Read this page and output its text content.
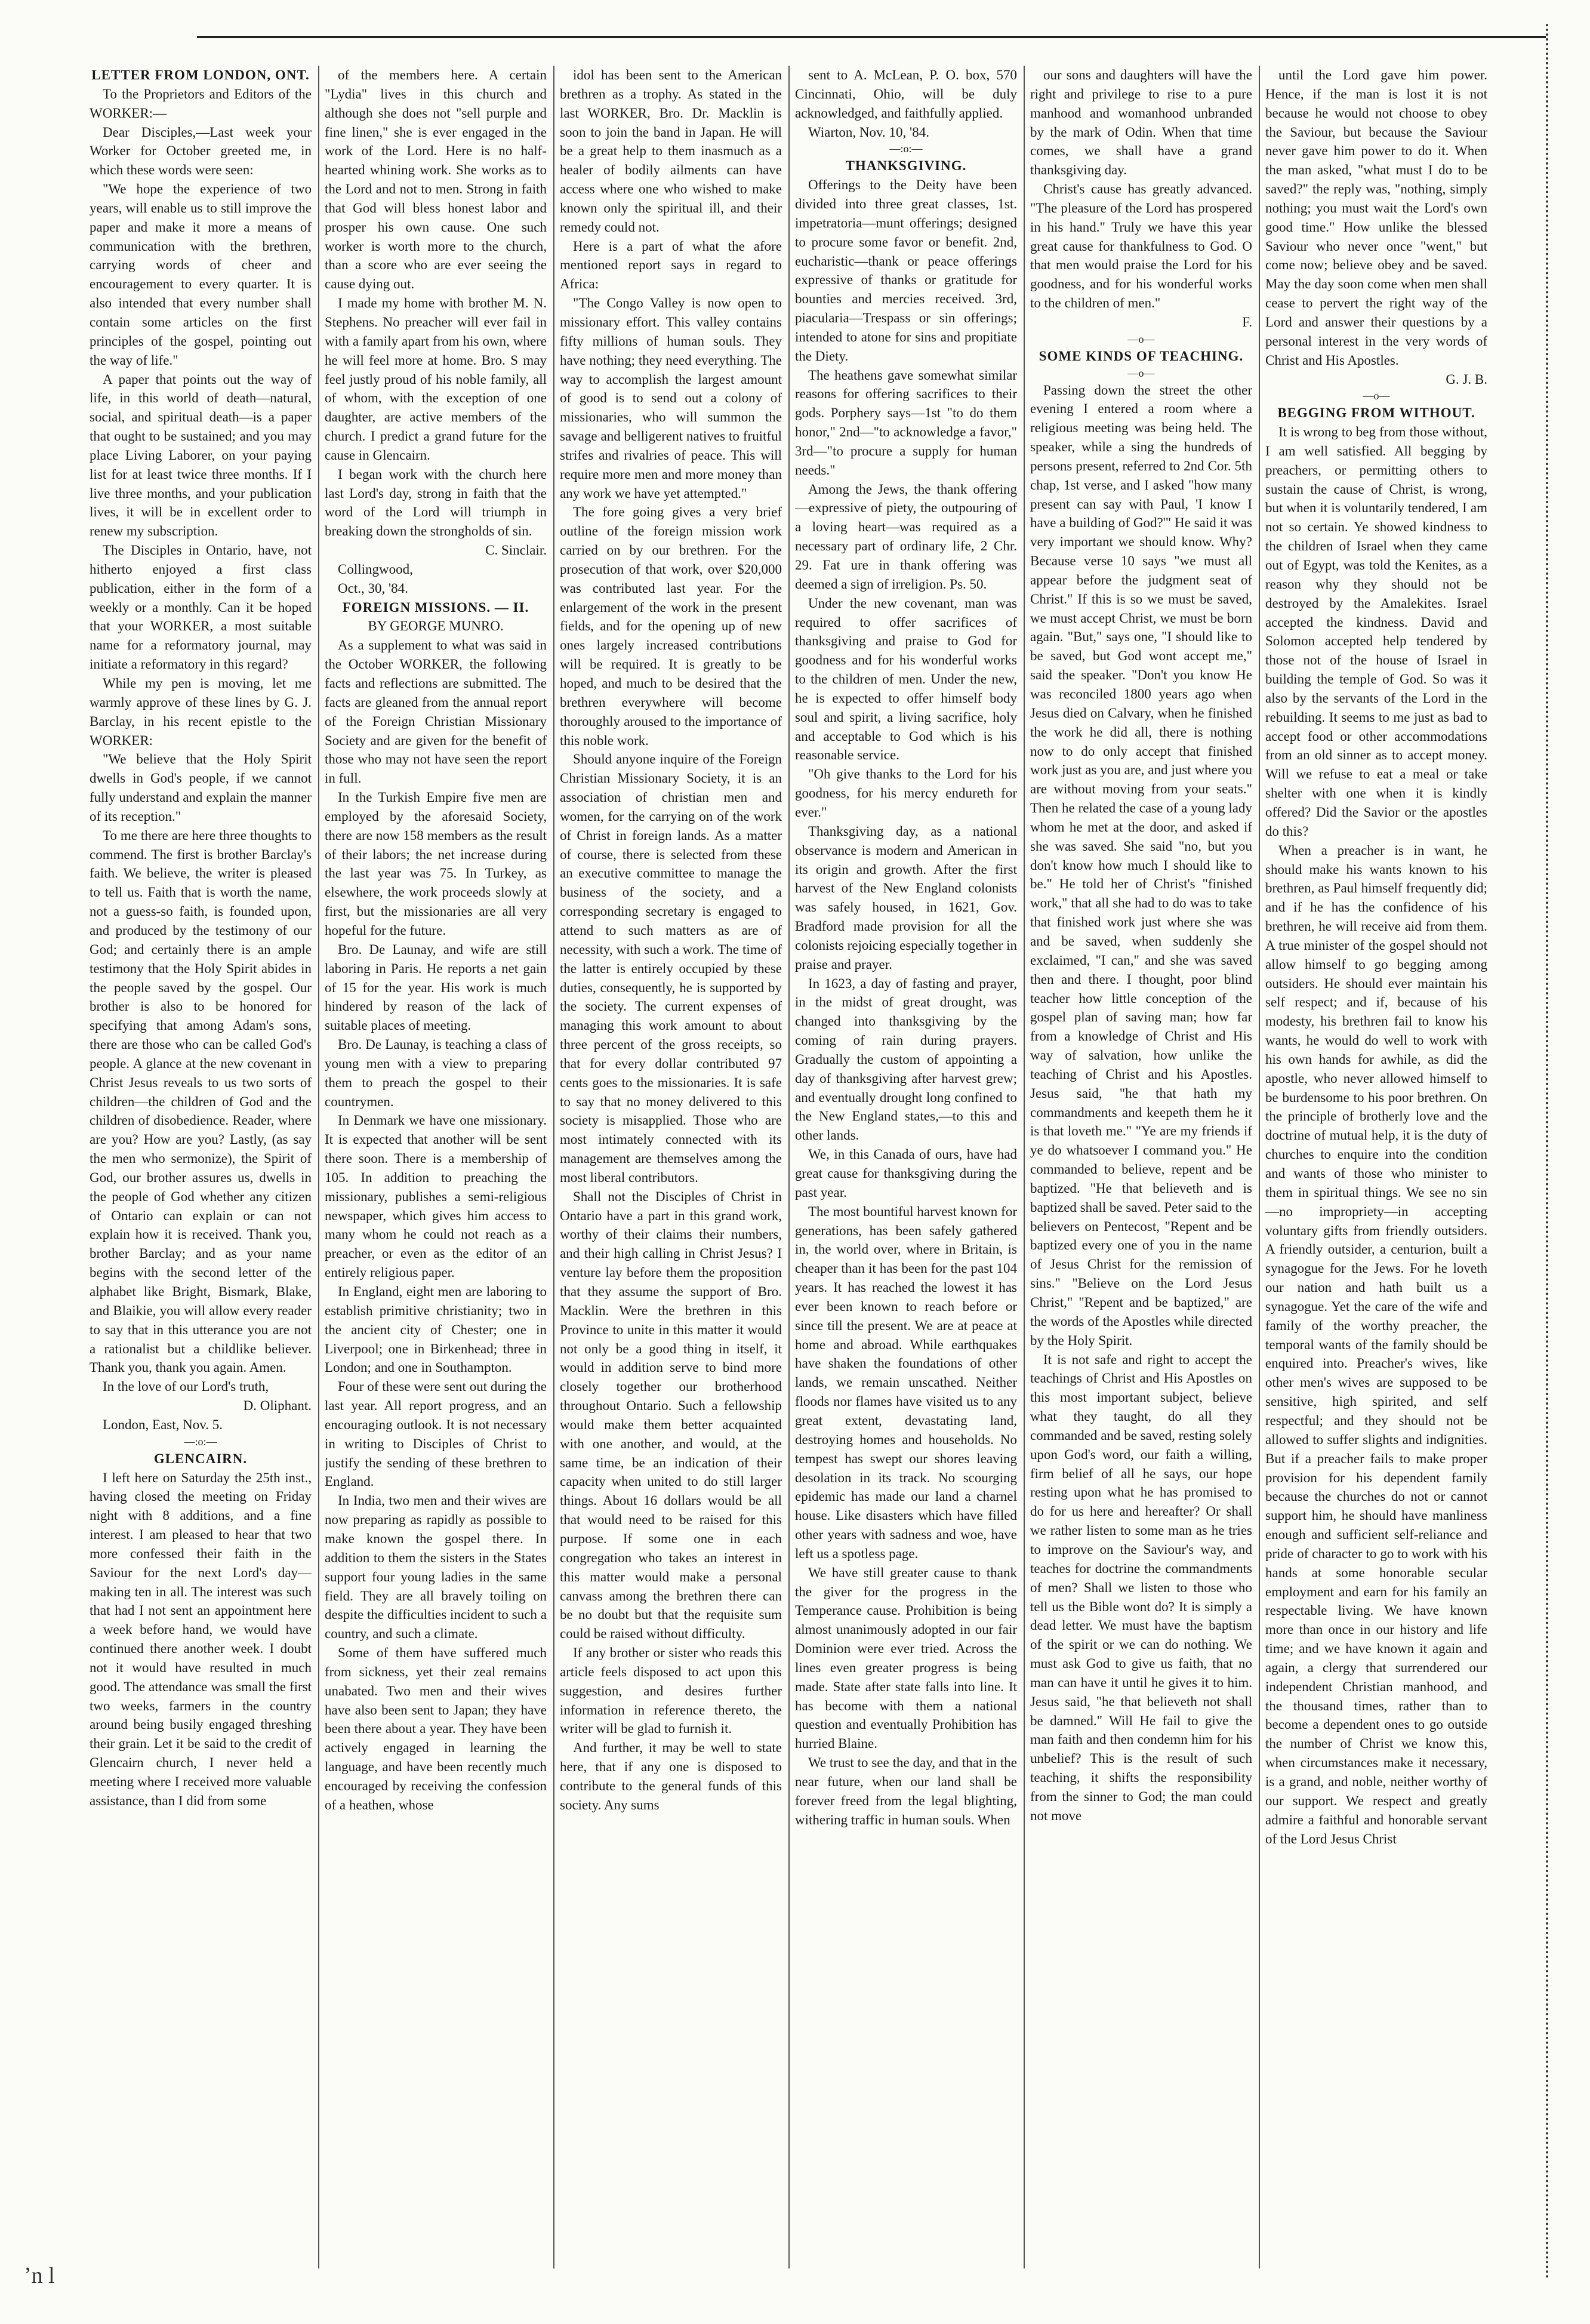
LETTER FROM LONDON, ONT.

To the Proprietors and Editors of the WORKER:—

Dear Disciples,—Last week your Worker for October greeted me, in which these words were seen:

"We hope the experience of two years, will enable us to still improve the paper and make it more a means of communication with the brethren, carrying words of cheer and encouragement to every quarter. It is also intended that every number shall contain some articles on the first principles of the gospel, pointing out the way of life."

A paper that points out the way of life, in this world of death—natural, social, and spiritual death—is a paper that ought to be sustained; and you may place Living Laborer, on your paying list for at least twice three months. If I live three months, and your publication lives, it will be in excellent order to renew my subscription.

The Disciples in Ontario, have, not hitherto enjoyed a first class publication, either in the form of a weekly or a monthly. Can it be hoped that your WORKER, a most suitable name for a reformatory journal, may initiate a reformatory in this regard?

While my pen is moving, let me warmly approve of these lines by G. J. Barclay, in his recent epistle to the WORKER:

"We believe that the Holy Spirit dwells in God's people, if we cannot fully understand and explain the manner of its reception."

To me there are here three thoughts to commend. The first is brother Barclay's faith. We believe, the writer is pleased to tell us. Faith that is worth the name, not a guess-so faith, is founded upon, and produced by the testimony of our God; and certainly there is an ample testimony that the Holy Spirit abides in the people saved by the gospel. Our brother is also to be honored for specifying that among Adam's sons, there are those who can be called God's people. A glance at the new covenant in Christ Jesus reveals to us two sorts of children—the children of God and the children of disobedience. Reader, where are you? How are you? Lastly, (as say the men who sermonize), the Spirit of God, our brother assures us, dwells in the people of God whether any citizen of Ontario can explain or can not explain how it is received. Thank you, brother Barclay; and as your name begins with the second letter of the alphabet like Bright, Bismark, Blake, and Blaikie, you will allow every reader to say that in this utterance you are not a rationalist but a childlike believer. Thank you, thank you again. Amen.

In the love of our Lord's truth,

D. Oliphant.

London, East, Nov. 5.

—:o:—

GLENCAIRN.

I left here on Saturday the 25th inst., having closed the meeting on Friday night with 8 additions, and a fine interest. I am pleased to hear that two more confessed their faith in the Saviour for the next Lord's day—making ten in all. The interest was such that had I not sent an appointment here a week before hand, we would have continued there another week. I doubt not it would have resulted in much good. The attendance was small the first two weeks, farmers in the country around being busily engaged threshing their grain. Let it be said to the credit of Glencairn church, I never held a meeting where I received more valuable assistance, than I did from some

of the members here. A certain "Lydia" lives in this church and although she does not "sell purple and fine linen," she is ever engaged in the work of the Lord. Here is no half-hearted whining work. She works as to the Lord and not to men. Strong in faith that God will bless honest labor and prosper his own cause. One such worker is worth more to the church, than a score who are ever seeing the cause dying out.

I made my home with brother M. N. Stephens. No preacher will ever fail in with a family apart from his own, where he will feel more at home. Bro. S may feel justly proud of his noble family, all of whom, with the exception of one daughter, are active members of the church. I predict a grand future for the cause in Glencairn.

I began work with the church here last Lord's day, strong in faith that the word of the Lord will triumph in breaking down the strongholds of sin.

C. Sinclair.

Collingwood,

Oct., 30, '84.

FOREIGN MISSIONS. — II.

BY GEORGE MUNRO.

As a supplement to what was said in the October WORKER, the following facts and reflections are submitted. The facts are gleaned from the annual report of the Foreign Christian Missionary Society and are given for the benefit of those who may not have seen the report in full.

In the Turkish Empire five men are employed by the aforesaid Society, there are now 158 members as the result of their labors; the net increase during the last year was 75. In Turkey, as elsewhere, the work proceeds slowly at first, but the missionaries are all very hopeful for the future.

Bro. De Launay, and wife are still laboring in Paris. He reports a net gain of 15 for the year. His work is much hindered by reason of the lack of suitable places of meeting.

Bro. De Launay, is teaching a class of young men with a view to preparing them to preach the gospel to their countrymen.

In Denmark we have one missionary. It is expected that another will be sent there soon. There is a membership of 105. In addition to preaching the missionary, publishes a semi-religious newspaper, which gives him access to many whom he could not reach as a preacher, or even as the editor of an entirely religious paper.

In England, eight men are laboring to establish primitive christianity; two in the ancient city of Chester; one in Liverpool; one in Birkenhead; three in London; and one in Southampton.

Four of these were sent out during the last year. All report progress, and an encouraging outlook. It is not necessary in writing to Disciples of Christ to justify the sending of these brethren to England.

In India, two men and their wives are now preparing as rapidly as possible to make known the gospel there. In addition to them the sisters in the States support four young ladies in the same field. They are all bravely toiling on despite the difficulties incident to such a country, and such a climate.

Some of them have suffered much from sickness, yet their zeal remains unabated. Two men and their wives have also been sent to Japan; they have been there about a year. They have been actively engaged in learning the language, and have been recently much encouraged by receiving the confession of a heathen, whose

idol has been sent to the American brethren as a trophy. As stated in the last WORKER, Bro. Dr. Macklin is soon to join the band in Japan. He will be a great help to them inasmuch as a healer of bodily ailments can have access where one who wished to make known only the spiritual ill, and their remedy could not.

Here is a part of what the afore mentioned report says in regard to Africa:

"The Congo Valley is now open to missionary effort. This valley contains fifty millions of human souls. They have nothing; they need everything. The way to accomplish the largest amount of good is to send out a colony of missionaries, who will summon the savage and belligerent natives to fruitful strifes and rivalries of peace. This will require more men and more money than any work we have yet attempted."

The fore going gives a very brief outline of the foreign mission work carried on by our brethren. For the prosecution of that work, over $20,000 was contributed last year. For the enlargement of the work in the present fields, and for the opening up of new ones largely increased contributions will be required. It is greatly to be hoped, and much to be desired that the brethren everywhere will become thoroughly aroused to the importance of this noble work.

Should anyone inquire of the Foreign Christian Missionary Society, it is an association of christian men and women, for the carrying on of the work of Christ in foreign lands. As a matter of course, there is selected from these an executive committee to manage the business of the society, and a corresponding secretary is engaged to attend to such matters as are of necessity, with such a work. The time of the latter is entirely occupied by these duties, consequently, he is supported by the society. The current expenses of managing this work amount to about three percent of the gross receipts, so that for every dollar contributed 97 cents goes to the missionaries. It is safe to say that no money delivered to this society is misapplied. Those who are most intimately connected with its management are themselves among the most liberal contributors.

Shall not the Disciples of Christ in Ontario have a part in this grand work, worthy of their claims their numbers, and their high calling in Christ Jesus? I venture lay before them the proposition that they assume the support of Bro. Macklin. Were the brethren in this Province to unite in this matter it would not only be a good thing in itself, it would in addition serve to bind more closely together our brotherhood throughout Ontario. Such a fellowship would make them better acquainted with one another, and would, at the same time, be an indication of their capacity when united to do still larger things. About 16 dollars would be all that would need to be raised for this purpose. If some one in each congregation who takes an interest in this matter would make a personal canvass among the brethren there can be no doubt but that the requisite sum could be raised without difficulty.

If any brother or sister who reads this article feels disposed to act upon this suggestion, and desires further information in reference thereto, the writer will be glad to furnish it.

And further, it may be well to state here, that if any one is disposed to contribute to the general funds of this society. Any sums

sent to A. McLean, P. O. box, 570 Cincinnati, Ohio, will be duly acknowledged, and faithfully applied.

Wiarton, Nov. 10, '84.

—:o:—

THANKSGIVING.

Offerings to the Deity have been divided into three great classes, 1st. impetratoria—munt offerings; designed to procure some favor or benefit. 2nd, eucharistic—thank or peace offerings expressive of thanks or gratitude for bounties and mercies received. 3rd, piacularia—Trespass or sin offerings; intended to atone for sins and propitiate the Diety.

The heathens gave somewhat similar reasons for offering sacrifices to their gods. Porphery says—1st "to do them honor," 2nd—"to acknowledge a favor," 3rd—"to procure a supply for human needs."

Among the Jews, the thank offering—expressive of piety, the outpouring of a loving heart—was required as a necessary part of ordinary life, 2 Chr. 29. Fat ure in thank offering was deemed a sign of irreligion. Ps. 50.

Under the new covenant, man was required to offer sacrifices of thanksgiving and praise to God for goodness and for his wonderful works to the children of men. Under the new, he is expected to offer himself body soul and spirit, a living sacrifice, holy and acceptable to God which is his reasonable service.

"Oh give thanks to the Lord for his goodness, for his mercy endureth for ever."

Thanksgiving day, as a national observance is modern and American in its origin and growth. After the first harvest of the New England colonists was safely housed, in 1621, Gov. Bradford made provision for all the colonists rejoicing especially together in praise and prayer.

In 1623, a day of fasting and prayer, in the midst of great drought, was changed into thanksgiving by the coming of rain during prayers. Gradually the custom of appointing a day of thanksgiving after harvest grew; and eventually drought long confined to the New England states,—to this and other lands.

We, in this Canada of ours, have had great cause for thanksgiving during the past year.

The most bountiful harvest known for generations, has been safely gathered in, the world over, where in Britain, is cheaper than it has been for the past 104 years. It has reached the lowest it has ever been known to reach before or since till the present. We are at peace at home and abroad. While earthquakes have shaken the foundations of other lands, we remain unscathed. Neither floods nor flames have visited us to any great extent, devastating land, destroying homes and households. No tempest has swept our shores leaving desolation in its track. No scourging epidemic has made our land a charnel house. Like disasters which have filled other years with sadness and woe, have left us a spotless page.

We have still greater cause to thank the giver for the progress in the Temperance cause. Prohibition is being almost unanimously adopted in our fair Dominion were ever tried. Across the lines even greater progress is being made. State after state falls into line. It has become with them a national question and eventually Prohibition has hurried Blaine.

We trust to see the day, and that in the near future, when our land shall be forever freed from the legal blighting, withering traffic in human souls. When

our sons and daughters will have the right and privilege to rise to a pure manhood and womanhood unbranded by the mark of Odin. When that time comes, we shall have a grand thanksgiving day.

Christ's cause has greatly advanced. "The pleasure of the Lord has prospered in his hand." Truly we have this year great cause for thankfulness to God. O that men would praise the Lord for his goodness, and for his wonderful works to the children of men."

F.

—o—

SOME KINDS OF TEACHING.

—o—

Passing down the street the other evening I entered a room where a religious meeting was being held. The speaker, while a sing the hundreds of persons present, referred to 2nd Cor. 5th chap, 1st verse, and I asked "how many present can say with Paul, 'I know I have a building of God?'" He said it was very important we should know. Why? Because verse 10 says "we must all appear before the judgment seat of Christ." If this is so we must be saved, we must accept Christ, we must be born again. "But," says one, "I should like to be saved, but God wont accept me," said the speaker. "Don't you know He was reconciled 1800 years ago when Jesus died on Calvary, when he finished the work he did all, there is nothing now to do only accept that finished work just as you are, and just where you are without moving from your seats." Then he related the case of a young lady whom he met at the door, and asked if she was saved. She said "no, but you don't know how much I should like to be." He told her of Christ's "finished work," that all she had to do was to take that finished work just where she was and be saved, when suddenly she exclaimed, "I can," and she was saved then and there. I thought, poor blind teacher how little conception of the gospel plan of saving man; how far from a knowledge of Christ and His way of salvation, how unlike the teaching of Christ and his Apostles. Jesus said, "he that hath my commandments and keepeth them he it is that loveth me." "Ye are my friends if ye do whatsoever I command you." He commanded to believe, repent and be baptized. "He that believeth and is baptized shall be saved. Peter said to the believers on Pentecost, "Repent and be baptized every one of you in the name of Jesus Christ for the remission of sins." "Believe on the Lord Jesus Christ," "Repent and be baptized," are the words of the Apostles while directed by the Holy Spirit.

It is not safe and right to accept the teachings of Christ and His Apostles on this most important subject, believe what they taught, do all they commanded and be saved, resting solely upon God's word, our faith a willing, firm belief of all he says, our hope resting upon what he has promised to do for us here and hereafter? Or shall we rather listen to some man as he tries to improve on the Saviour's way, and teaches for doctrine the commandments of men? Shall we listen to those who tell us the Bible wont do? It is simply a dead letter. We must have the baptism of the spirit or we can do nothing. We must ask God to give us faith, that no man can have it until he gives it to him. Jesus said, "he that believeth not shall be damned." Will He fail to give the man faith and then condemn him for his unbelief? This is the result of such teaching, it shifts the responsibility from the sinner to God; the man could not move

until the Lord gave him power. Hence, if the man is lost it is not because he would not choose to obey the Saviour, but because the Saviour never gave him power to do it. When the man asked, "what must I do to be saved?" the reply was, "nothing, simply nothing; you must wait the Lord's own good time." How unlike the blessed Saviour who never once "went," but come now; believe obey and be saved. May the day soon come when men shall cease to pervert the right way of the Lord and answer their questions by a personal interest in the very words of Christ and His Apostles.

G. J. B.

—o—

BEGGING FROM WITHOUT.

It is wrong to beg from those without, I am well satisfied. All begging by preachers, or permitting others to sustain the cause of Christ, is wrong, but when it is voluntarily tendered, I am not so certain. Ye showed kindness to the children of Israel when they came out of Egypt, was told the Kenites, as a reason why they should not be destroyed by the Amalekites. Israel accepted the kindness. David and Solomon accepted help tendered by those not of the house of Israel in building the temple of God. So was it also by the servants of the Lord in the rebuilding. It seems to me just as bad to accept food or other accommodations from an old sinner as to accept money. Will we refuse to eat a meal or take shelter with one when it is kindly offered? Did the Savior or the apostles do this?

When a preacher is in want, he should make his wants known to his brethren, as Paul himself frequently did; and if he has the confidence of his brethren, he will receive aid from them. A true minister of the gospel should not allow himself to go begging among outsiders. He should ever maintain his self respect; and if, because of his modesty, his brethren fail to know his wants, he would do well to work with his own hands for awhile, as did the apostle, who never allowed himself to be burdensome to his poor brethren. On the principle of brotherly love and the doctrine of mutual help, it is the duty of churches to enquire into the condition and wants of those who minister to them in spiritual things. We see no sin—no impropriety—in accepting voluntary gifts from friendly outsiders. A friendly outsider, a centurion, built a synagogue for the Jews. For he loveth our nation and hath built us a synagogue. Yet the care of the wife and family of the worthy preacher, the temporal wants of the family should be enquired into. Preacher's wives, like other men's wives are supposed to be sensitive, high spirited, and self respectful; and they should not be allowed to suffer slights and indignities. But if a preacher fails to make proper provision for his dependent family because the churches do not or cannot support him, he should have manliness enough and sufficient self-reliance and pride of character to go to work with his hands at some honorable secular employment and earn for his family an respectable living. We have known more than once in our history and life time; and we have known it again and again, a clergy that surrendered our independent Christian manhood, and the thousand times, rather than to become a dependent ones to go outside the number of Christ we know this, when circumstances make it necessary, is a grand, and noble, neither worthy of our support. We respect and greatly admire a faithful and honorable servant of the Lord Jesus Christ

ʼn l
